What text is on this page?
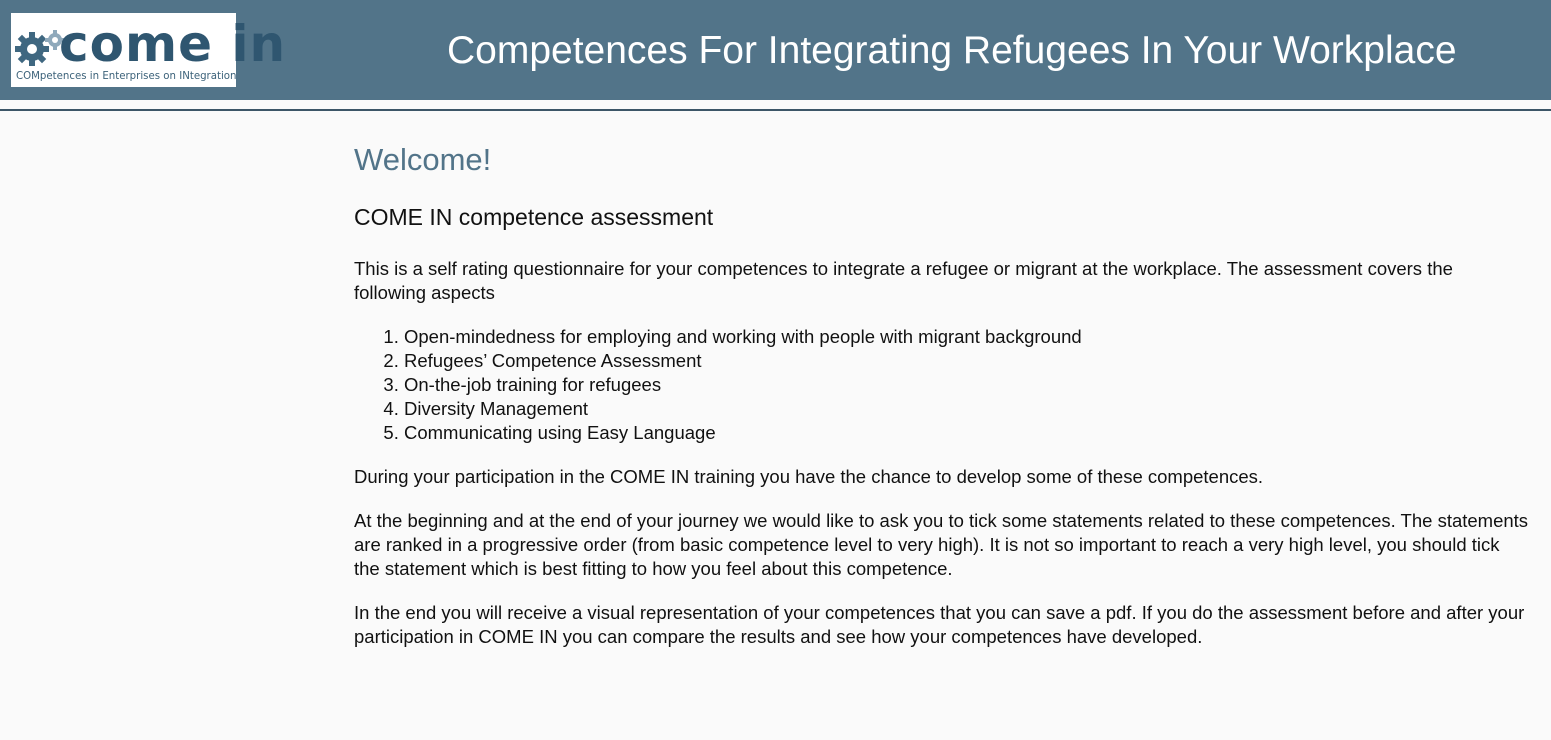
come in
COMpetences in Enterprises on INtegration
Competences For Integrating Refugees In Your Workplace
Welcome!
COME IN competence assessment

This is a self rating questionnaire for your competences to integrate a refugee or migrant at the workplace. The assessment covers the following aspects

1. Open-mindedness for employing and working with people with migrant background
2. Refugees’ Competence Assessment
3. On-the-job training for refugees
4. Diversity Management
5. Communicating using Easy Language

During your participation in the COME IN training you have the chance to develop some of these competences.

At the beginning and at the end of your journey we would like to ask you to tick some statements related to these competences. The statements are ranked in a progressive order (from basic competence level to very high). It is not so important to reach a very high level, you should tick the statement which is best fitting to how you feel about this competence.

In the end you will receive a visual representation of your competences that you can save a pdf. If you do the assessment before and after your participation in COME IN you can compare the results and see how your competences have developed.
